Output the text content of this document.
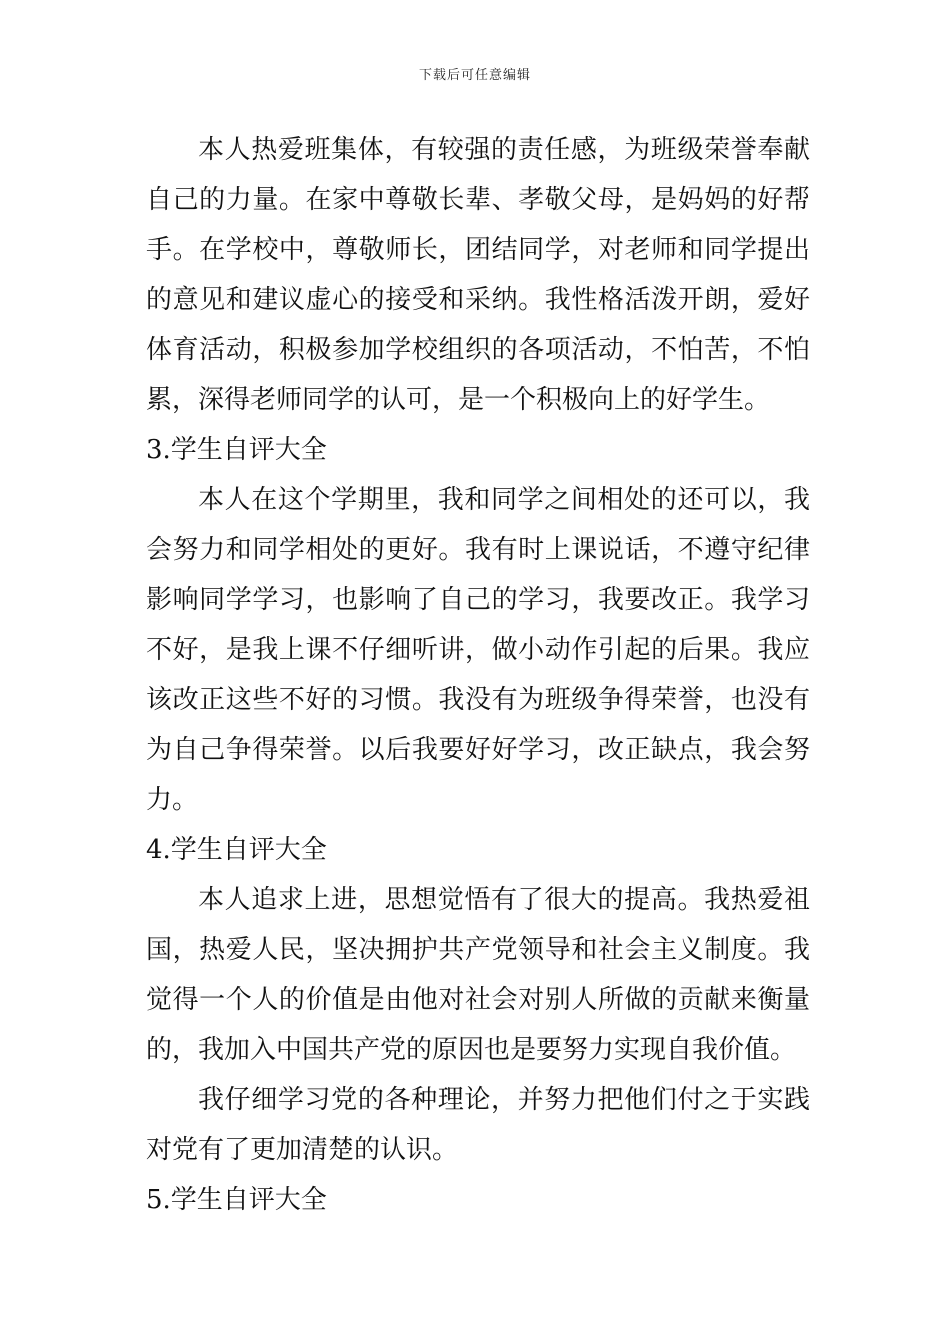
下载后可任意编辑

本人热爱班集体，有较强的责任感，为班级荣誉奉献自己的力量。在家中尊敬长辈、孝敬父母，是妈妈的好帮手。在学校中，尊敬师长，团结同学，对老师和同学提出的意见和建议虚心的接受和采纳。我性格活泼开朗，爱好体育活动，积极参加学校组织的各项活动，不怕苦，不怕累，深得老师同学的认可，是一个积极向上的好学生。

3.学生自评大全

本人在这个学期里，我和同学之间相处的还可以，我会努力和同学相处的更好。我有时上课说话，不遵守纪律影响同学学习，也影响了自己的学习，我要改正。我学习不好，是我上课不仔细听讲，做小动作引起的后果。我应该改正这些不好的习惯。我没有为班级争得荣誉，也没有为自己争得荣誉。以后我要好好学习，改正缺点，我会努力。

4.学生自评大全

本人追求上进，思想觉悟有了很大的提高。我热爱祖国，热爱人民，坚决拥护共产党领导和社会主义制度。我觉得一个人的价值是由他对社会对别人所做的贡献来衡量的，我加入中国共产党的原因也是要努力实现自我价值。

我仔细学习党的各种理论，并努力把他们付之于实践对党有了更加清楚的认识。

5.学生自评大全
